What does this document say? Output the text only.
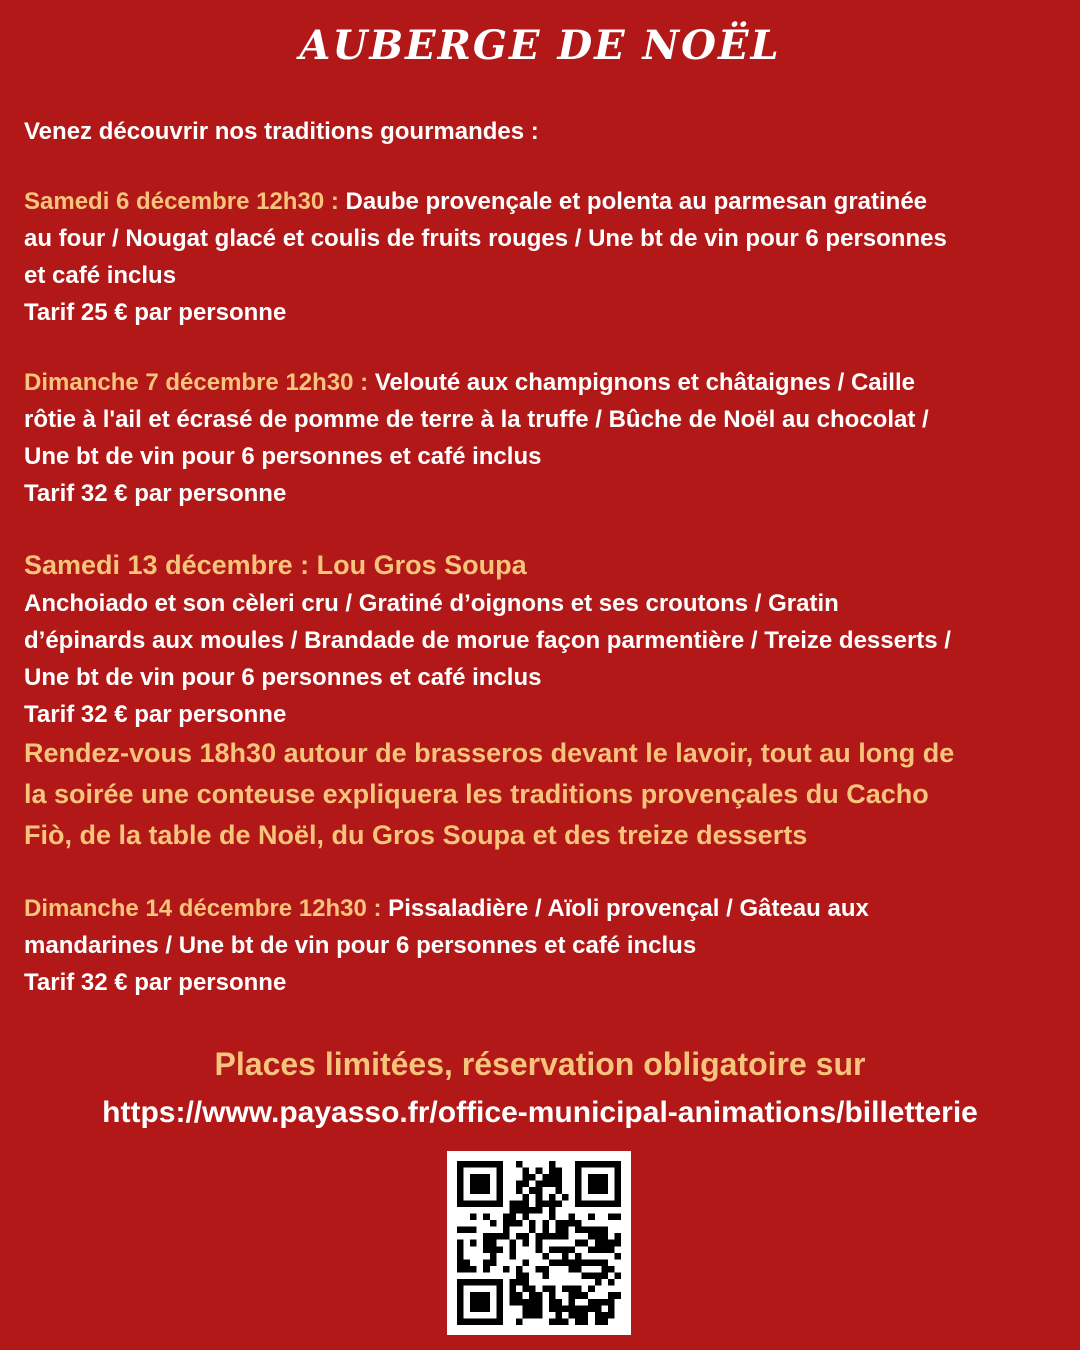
AUBERGE DE NOËL
Venez découvrir nos traditions gourmandes :
Samedi 6 décembre 12h30 : Daube provençale et polenta au parmesan gratinée
au four / Nougat glacé et coulis de fruits rouges / Une bt de vin pour 6 personnes
et café inclus
Tarif 25 € par personne
Dimanche 7 décembre 12h30 : Velouté aux champignons et châtaignes / Caille
rôtie à l'ail et écrasé de pomme de terre à la truffe / Bûche de Noël au chocolat /
Une bt de vin pour 6 personnes et café inclus
Tarif 32 € par personne
Samedi 13 décembre : Lou Gros Soupa
Anchoiado et son cèleri cru / Gratiné d’oignons et ses croutons / Gratin
d’épinards aux moules / Brandade de morue façon parmentière / Treize desserts /
Une bt de vin pour 6 personnes et café inclus
Tarif 32 € par personne
Rendez-vous 18h30 autour de brasseros devant le lavoir, tout au long de
la soirée une conteuse expliquera les traditions provençales du Cacho
Fiò, de la table de Noël, du Gros Soupa et des treize desserts
Dimanche 14 décembre 12h30 : Pissaladière / Aïoli provençal / Gâteau aux
mandarines / Une bt de vin pour 6 personnes et café inclus
Tarif 32 € par personne
Places limitées, réservation obligatoire sur
https://www.payasso.fr/office-municipal-animations/billetterie
